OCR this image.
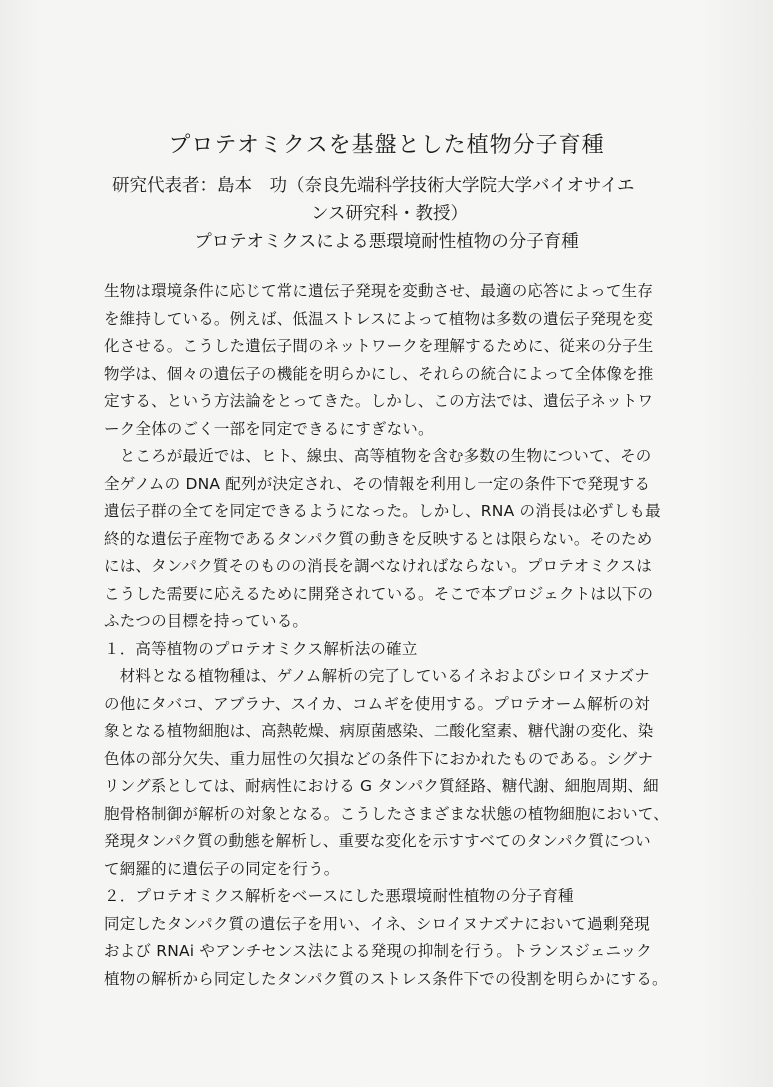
プロテオミクスを基盤とした植物分子育種
研究代表者：島本　功（奈良先端科学技術大学院大学バイオサイエ
ンス研究科・教授）
プロテオミクスによる悪環境耐性植物の分子育種
生物は環境条件に応じて常に遺伝子発現を変動させ、最適の応答によって生存
を維持している。例えば、低温ストレスによって植物は多数の遺伝子発現を変
化させる。こうした遺伝子間のネットワークを理解するために、従来の分子生
物学は、個々の遺伝子の機能を明らかにし、それらの統合によって全体像を推
定する、という方法論をとってきた。しかし、この方法では、遺伝子ネットワ
ーク全体のごく一部を同定できるにすぎない。
　ところが最近では、ヒト、線虫、高等植物を含む多数の生物について、その
全ゲノムの DNA 配列が決定され、その情報を利用し一定の条件下で発現する
遺伝子群の全てを同定できるようになった。しかし、RNA の消長は必ずしも最
終的な遺伝子産物であるタンパク質の動きを反映するとは限らない。そのため
には、タンパク質そのものの消長を調べなければならない。プロテオミクスは
こうした需要に応えるために開発されている。そこで本プロジェクトは以下の
ふたつの目標を持っている。
１．高等植物のプロテオミクス解析法の確立
　材料となる植物種は、ゲノム解析の完了しているイネおよびシロイヌナズナ
の他にタバコ、アブラナ、スイカ、コムギを使用する。プロテオーム解析の対
象となる植物細胞は、高熱乾燥、病原菌感染、二酸化窒素、糖代謝の変化、染
色体の部分欠失、重力屈性の欠損などの条件下におかれたものである。シグナ
リング系としては、耐病性における G タンパク質経路、糖代謝、細胞周期、細
胞骨格制御が解析の対象となる。こうしたさまざまな状態の植物細胞において、
発現タンパク質の動態を解析し、重要な変化を示すすべてのタンパク質につい
て網羅的に遺伝子の同定を行う。
２．プロテオミクス解析をベースにした悪環境耐性植物の分子育種
同定したタンパク質の遺伝子を用い、イネ、シロイヌナズナにおいて過剰発現
および RNAi やアンチセンス法による発現の抑制を行う。トランスジェニック
植物の解析から同定したタンパク質のストレス条件下での役割を明らかにする。
